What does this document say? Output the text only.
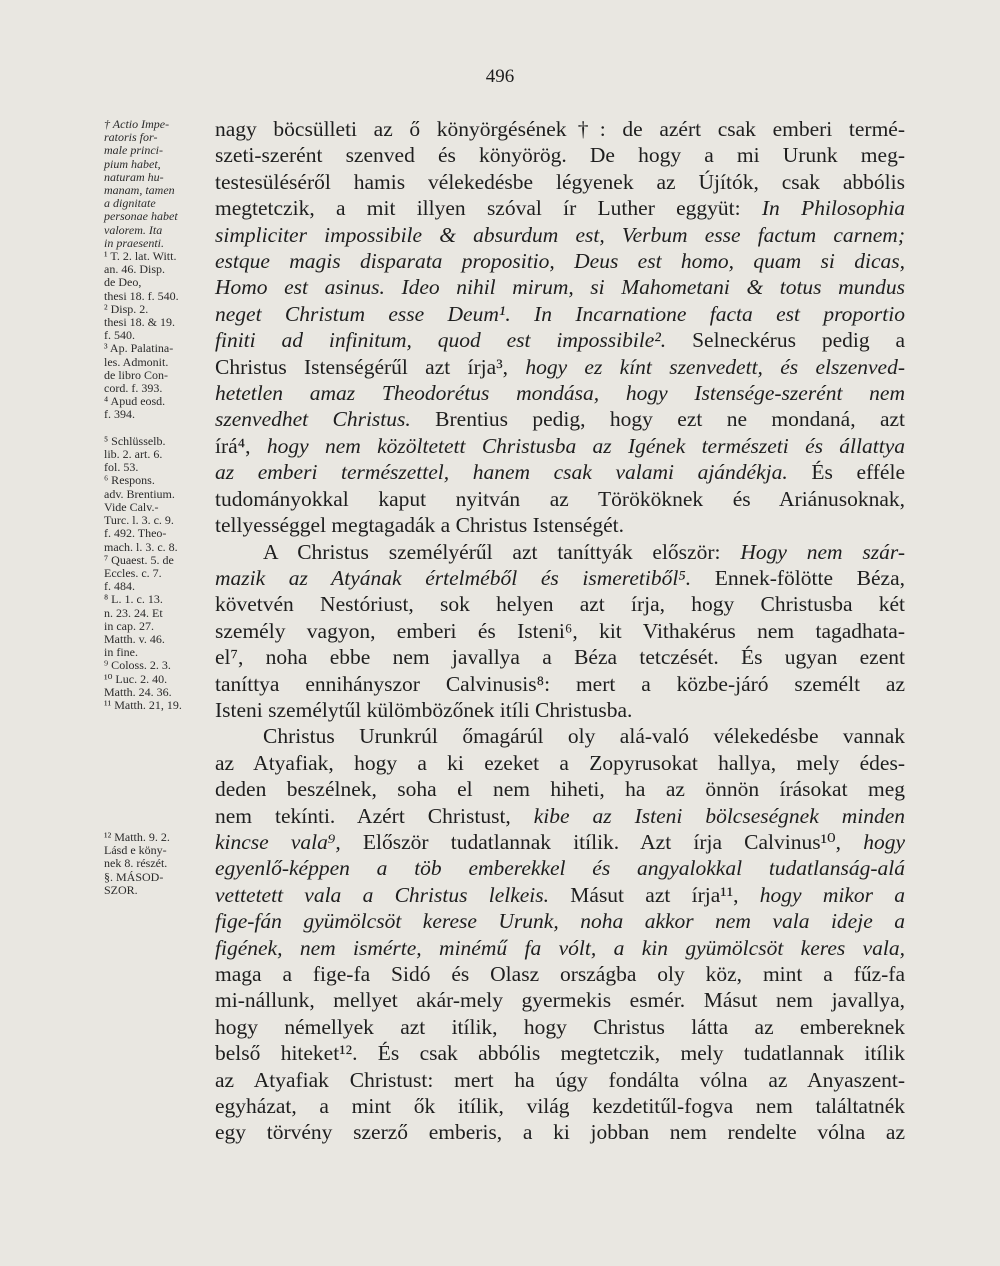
496
† Actio Impe-
ratoris for-
male princi-
pium habet,
naturam hu-
manam, tamen
a dignitate
personae habet
valorem. Ita
in praesenti.
¹ T. 2. lat. Witt.
an. 46. Disp.
de Deo,
thesi 18. f. 540.
² Disp. 2.
thesi 18. & 19.
f. 540.
³ Ap. Palatina-
les. Admonit.
de libro Con-
cord. f. 393.
⁴ Apud eosd.
f. 394.

⁵ Schlüsselb.
lib. 2. art. 6.
fol. 53.
⁶ Respons.
adv. Brentium.
Vide Calv.-
Turc. l. 3. c. 9.
f. 492. Theo-
mach. l. 3. c. 8.
⁷ Quaest. 5. de
Eccles. c. 7.
f. 484.
⁸ L. 1. c. 13.
n. 23. 24. Et
in cap. 27.
Matth. v. 46.
in fine.
⁹ Coloss. 2. 3.
¹⁰ Luc. 2. 40.
Matth. 24. 36.
¹¹ Matth. 21, 19.

¹² Matth. 9. 2.
Lásd e köny-
nek 8. részét.
§. MÁSOD-
SZOR.
nagy böcsülleti az ő könyörgésének†: de azért csak emberi termé-
szeti-szerént szenved és könyörög. De hogy a mi Urunk meg-
testesüléséről hamis vélekedésbe légyenek az Újítók, csak abbólis
megtetczik, a mit illyen szóval ír Luther eggyüt: In Philosophia
simpliciter impossibile & absurdum est, Verbum esse factum carnem;
estque magis disparata propositio, Deus est homo, quam si dicas,
Homo est asinus. Ideo nihil mirum, si Mahometani & totus mundus
neget Christum esse Deum¹. In Incarnatione facta est proportio
finiti ad infinitum, quod est impossibile². Selneckérus pedig a
Christus Istenségérűl azt írja³, hogy ez kínt szenvedett, és elszenved-
hetetlen amaz Theodorétus mondása, hogy Istensége-szerént nem
szenvedhet Christus. Brentius pedig, hogy ezt ne mondaná, azt
írá⁴, hogy nem közöltetett Christusba az Igének természeti és állattya
az emberi természettel, hanem csak valami ajándékja. És efféle
tudományokkal kaput nyitván az Törököknek és Ariánusoknak,
tellyességgel megtagadák a Christus Istenségét.
A Christus személyérűl azt taníttyák először: Hogy nem szár-
mazik az Atyának értelméből és ismeretiből⁵. Ennek-fölötte Béza,
követvén Nestóriust, sok helyen azt írja, hogy Christusba két
személy vagyon, emberi és Isteni⁶, kit Vithakérus nem tagadhata-
el⁷, noha ebbe nem javallya a Béza tetczését. És ugyan ezent
taníttya ennihányszor Calvinusis⁸: mert a közbe-járó személt az
Isteni személytűl külömbözőnek itíli Christusba.
Christus Urunkrúl őmagárúl oly alá-való vélekedésbe vannak
az Atyafiak, hogy a ki ezeket a Zopyrusokat hallya, mely édes-
deden beszélnek, soha el nem hiheti, ha az önnön írásokat meg
nem tekínti. Azért Christust, kibe az Isteni bölcseségnek minden
kincse vala⁹, Először tudatlannak itílik. Azt írja Calvinus¹⁰, hogy
egyenlő-képpen a töb emberekkel és angyalokkal tudatlanság-alá
vettetett vala a Christus lelkeis. Másut azt írja¹¹, hogy mikor a
fige-fán gyümölcsöt kerese Urunk, noha akkor nem vala ideje a
figének, nem ismérte, minémű fa vólt, a kin gyümölcsöt keres vala,
maga a fige-fa Sidó és Olasz országba oly köz, mint a fűz-fa
mi-nállunk, mellyet akár-mely gyermekis esmér. Másut nem javallya,
hogy némellyek azt itílik, hogy Christus látta az embereknek
belső hiteket¹². És csak abbólis megtetczik, mely tudatlannak itílik
az Atyafiak Christust: mert ha úgy fondálta vólna az Anyaszent-
egyházat, a mint ők itílik, világ kezdetitűl-fogva nem találtatnék
egy törvény szerző emberis, a ki jobban nem rendelte vólna az
